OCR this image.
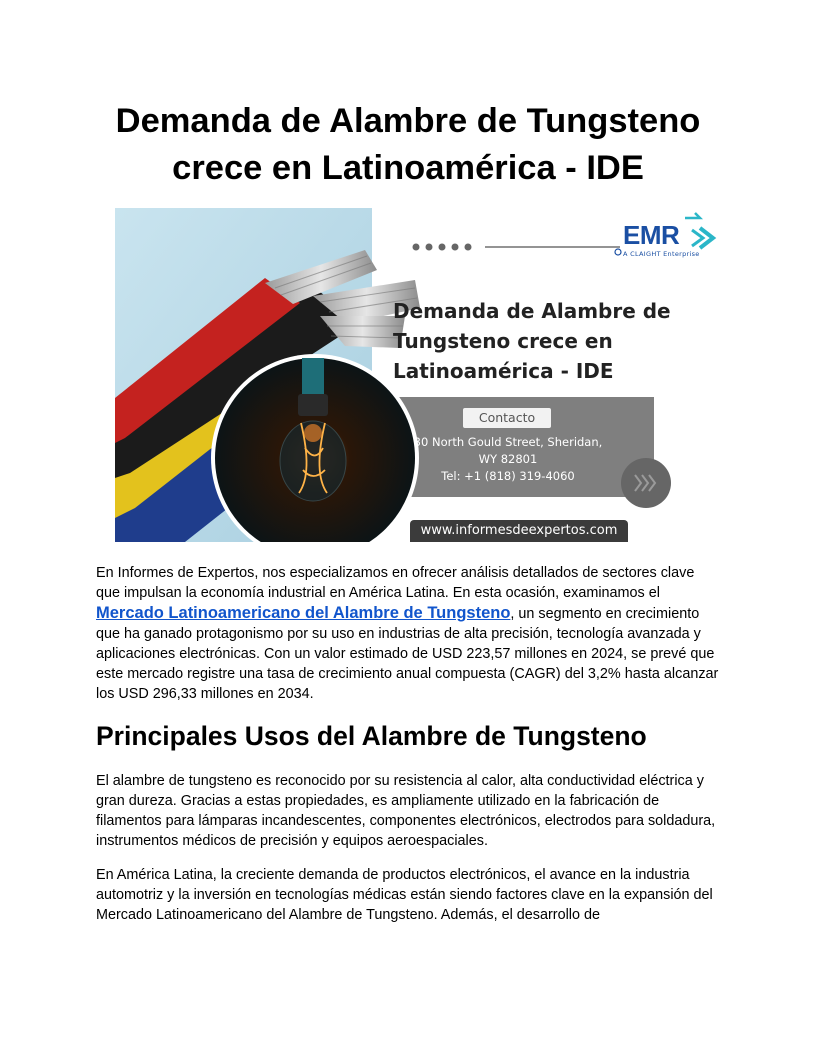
Demanda de Alambre de Tungsteno
crece en Latinoamérica - IDE
EMR
A CLAIGHT Enterprise
Demanda de Alambre de
Tungsteno crece en
Latinoamérica - IDE
Contacto
30 North Gould Street, Sheridan,
WY 82801
Tel: +1 (818) 319-4060
www.informesdeexpertos.com

En Informes de Expertos, nos especializamos en ofrecer análisis detallados de sectores clave que impulsan la economía industrial en América Latina. En esta ocasión, examinamos el Mercado Latinoamericano del Alambre de Tungsteno, un segmento en crecimiento que ha ganado protagonismo por su uso en industrias de alta precisión, tecnología avanzada y aplicaciones electrónicas. Con un valor estimado de USD 223,57 millones en 2024, se prevé que este mercado registre una tasa de crecimiento anual compuesta (CAGR) del 3,2% hasta alcanzar los USD 296,33 millones en 2034.

Principales Usos del Alambre de Tungsteno

El alambre de tungsteno es reconocido por su resistencia al calor, alta conductividad eléctrica y gran dureza. Gracias a estas propiedades, es ampliamente utilizado en la fabricación de filamentos para lámparas incandescentes, componentes electrónicos, electrodos para soldadura, instrumentos médicos de precisión y equipos aeroespaciales.

En América Latina, la creciente demanda de productos electrónicos, el avance en la industria automotriz y la inversión en tecnologías médicas están siendo factores clave en la expansión del Mercado Latinoamericano del Alambre de Tungsteno. Además, el desarrollo de
